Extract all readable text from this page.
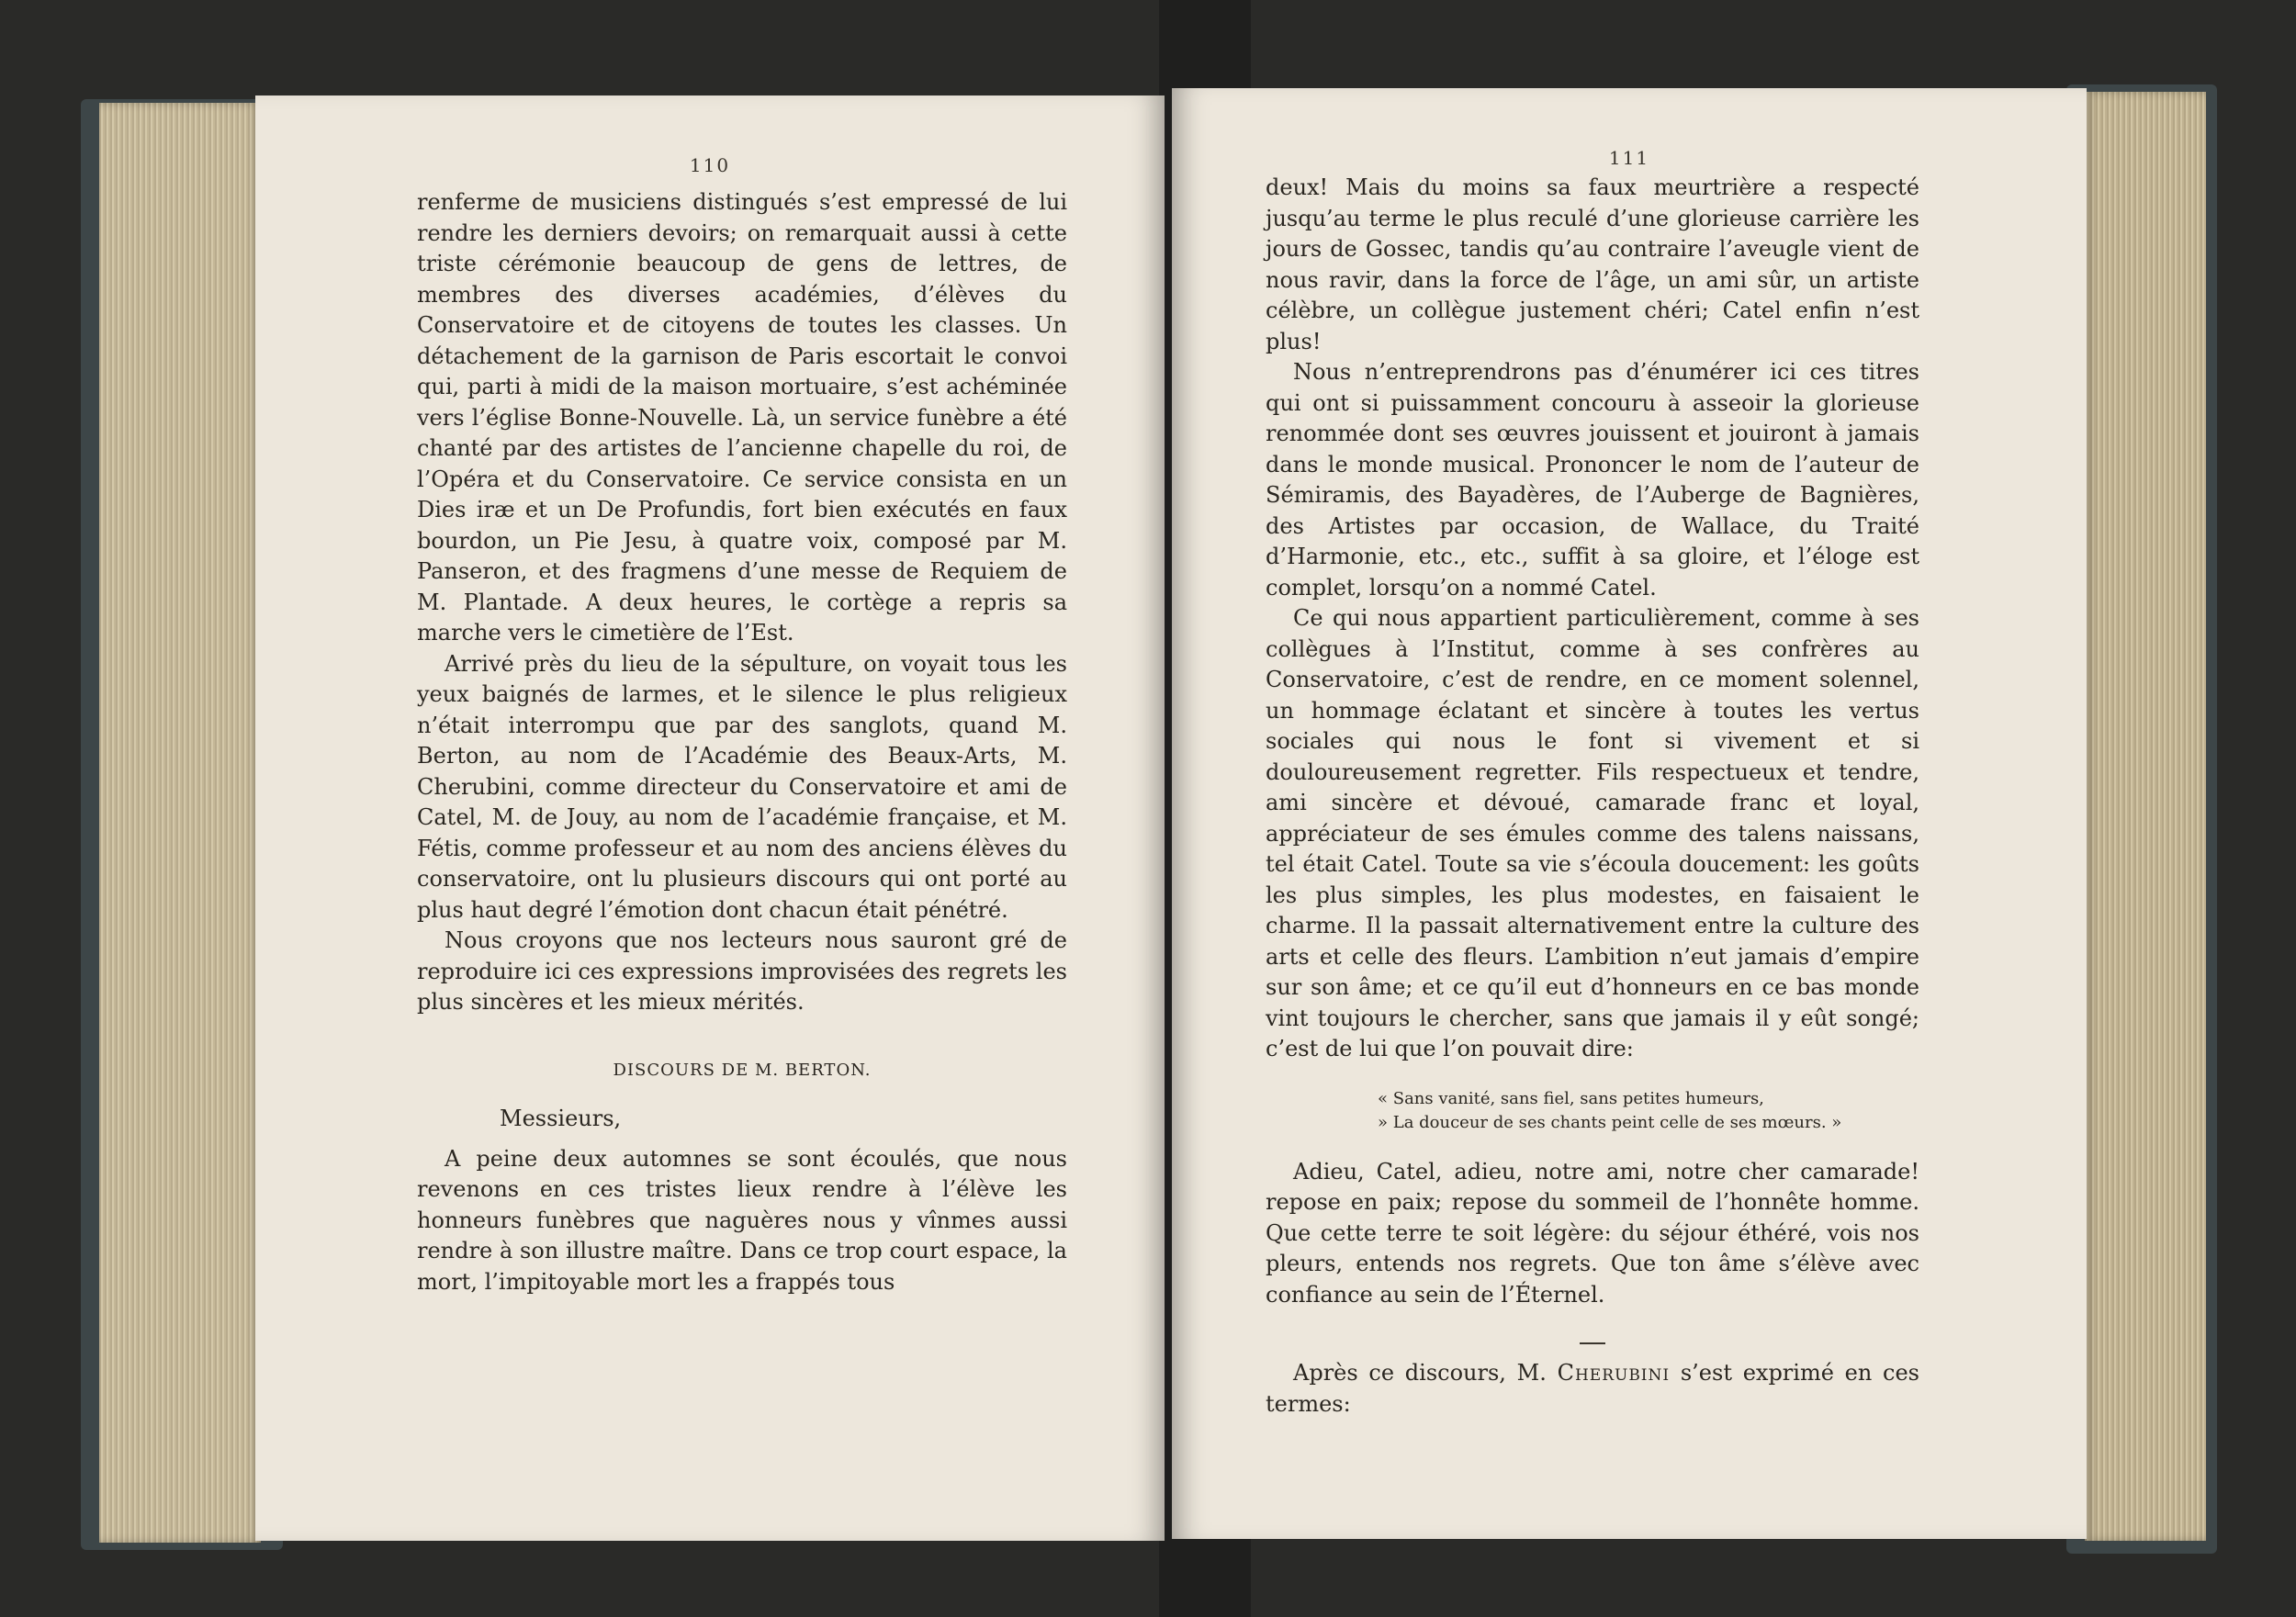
110

renferme de musiciens distingués s’est empressé de lui rendre les derniers devoirs; on remarquait aussi à cette triste cérémonie beaucoup de gens de lettres, de membres des diverses académies, d’élèves du Conservatoire et de citoyens de toutes les classes. Un détachement de la garnison de Paris escortait le convoi qui, parti à midi de la maison mortuaire, s’est achéminée vers l’église Bonne-Nouvelle. Là, un service funèbre a été chanté par des artistes de l’ancienne chapelle du roi, de l’Opéra et du Conservatoire. Ce service consista en un Dies iræ et un De Profundis, fort bien exécutés en faux bourdon, un Pie Jesu, à quatre voix, composé par M. Panseron, et des fragmens d’une messe de Requiem de M. Plantade. A deux heures, le cortège a repris sa marche vers le cimetière de l’Est.

Arrivé près du lieu de la sépulture, on voyait tous les yeux baignés de larmes, et le silence le plus religieux n’était interrompu que par des sanglots, quand M. Berton, au nom de l’Académie des Beaux-Arts, M. Cherubini, comme directeur du Conservatoire et ami de Catel, M. de Jouy, au nom de l’académie française, et M. Fétis, comme professeur et au nom des anciens élèves du conservatoire, ont lu plusieurs discours qui ont porté au plus haut degré l’émotion dont chacun était pénétré.

Nous croyons que nos lecteurs nous sauront gré de reproduire ici ces expressions improvisées des regrets les plus sincères et les mieux mérités.

DISCOURS DE M. BERTON.

Messieurs,

A peine deux automnes se sont écoulés, que nous revenons en ces tristes lieux rendre à l’élève les honneurs funèbres que naguères nous y vînmes aussi rendre à son illustre maître. Dans ce trop court espace, la mort, l’impitoyable mort les a frappés tous

111

deux! Mais du moins sa faux meurtrière a respecté jusqu’au terme le plus reculé d’une glorieuse carrière les jours de Gossec, tandis qu’au contraire l’aveugle vient de nous ravir, dans la force de l’âge, un ami sûr, un artiste célèbre, un collègue justement chéri; Catel enfin n’est plus!

Nous n’entreprendrons pas d’énumérer ici ces titres qui ont si puissamment concouru à asseoir la glorieuse renommée dont ses œuvres jouissent et jouiront à jamais dans le monde musical. Prononcer le nom de l’auteur de Sémiramis, des Bayadères, de l’Auberge de Bagnières, des Artistes par occasion, de Wallace, du Traité d’Harmonie, etc., etc., suffit à sa gloire, et l’éloge est complet, lorsqu’on a nommé Catel.

Ce qui nous appartient particulièrement, comme à ses collègues à l’Institut, comme à ses confrères au Conservatoire, c’est de rendre, en ce moment solennel, un hommage éclatant et sincère à toutes les vertus sociales qui nous le font si vivement et si douloureusement regretter. Fils respectueux et tendre, ami sincère et dévoué, camarade franc et loyal, appréciateur de ses émules comme des talens naissans, tel était Catel. Toute sa vie s’écoula doucement: les goûts les plus simples, les plus modestes, en faisaient le charme. Il la passait alternativement entre la culture des arts et celle des fleurs. L’ambition n’eut jamais d’empire sur son âme; et ce qu’il eut d’honneurs en ce bas monde vint toujours le chercher, sans que jamais il y eût songé; c’est de lui que l’on pouvait dire:

« Sans vanité, sans fiel, sans petites humeurs,
» La douceur de ses chants peint celle de ses mœurs. »

Adieu, Catel, adieu, notre ami, notre cher camarade! repose en paix; repose du sommeil de l’honnête homme. Que cette terre te soit légère: du séjour éthéré, vois nos pleurs, entends nos regrets. Que ton âme s’élève avec confiance au sein de l’Éternel.

Après ce discours, M. Cherubini s’est exprimé en ces termes:
